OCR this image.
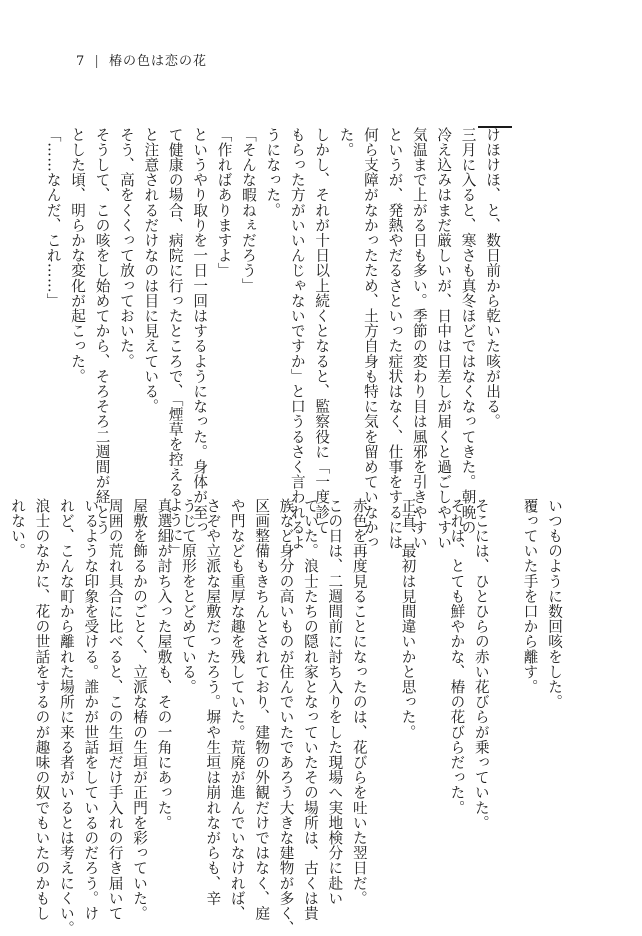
7 | 椿の色は恋の花
けほけほ、と、数日前から乾いた咳が出る。
三月に入ると、寒さも真冬ほどではなくなってきた。朝晩の
冷え込みはまだ厳しいが、日中は日差しが届くと過ごしやすい
気温まで上がる日も多い。季節の変わり目は風邪を引きやすい
というが、発熱やだるさといった症状はなく、仕事をするには
何ら支障がなかったため、土方自身も特に気を留めていなかっ
た。
しかし、それが十日以上続くとなると、監察役に「一度診て
もらった方がいいんじゃないですか」と口うるさく言われるよ
うになった。
「そんな暇ねぇだろう」
「作ればありますよ」
というやり取りを一日一回はするようになった。身体が至っ
て健康の場合、病院に行ったところで、「煙草を控えるように」
と注意されるだけなのは目に見えている。
そう、高をくくって放っておいた。
そうして、この咳をし始めてから、そろそろ二週間が経とう
とした頃、明らかな変化が起こった。
「……なんだ、これ……」
いつものように数回咳をした。
覆っていた手を口から離す。
そこには、ひとひらの赤い花びらが乗っていた。
それは、とても鮮やかな、椿の花びらだった。
正直、最初は見間違いかと思った。
赤色を再度見ることになったのは、花びらを吐いた翌日だ。
この日は、二週間前に討ち入りをした現場へ実地検分に赴い
ていた。浪士たちの隠れ家となっていたその場所は、古くは貴
族など身分の高いものが住んでいたであろう大きな建物が多く、
区画整備もきちんとされており、建物の外観だけではなく、庭
や門なども重厚な趣を残していた。荒廃が進んでいなければ、
さぞや立派な屋敷だったろう。塀や生垣は崩れながらも、辛
うじて原形をとどめている。
真選組が討ち入った屋敷も、その一角にあった。
屋敷を飾るかのごとく、立派な椿の生垣が正門を彩っていた。
周囲の荒れ具合に比べると、この生垣だけ手入れの行き届いて
いるような印象を受ける。誰かが世話をしているのだろう。け
れど、こんな町から離れた場所に来る者がいるとは考えにくい。
浪士のなかに、花の世話をするのが趣味の奴でもいたのかもし
れない。
